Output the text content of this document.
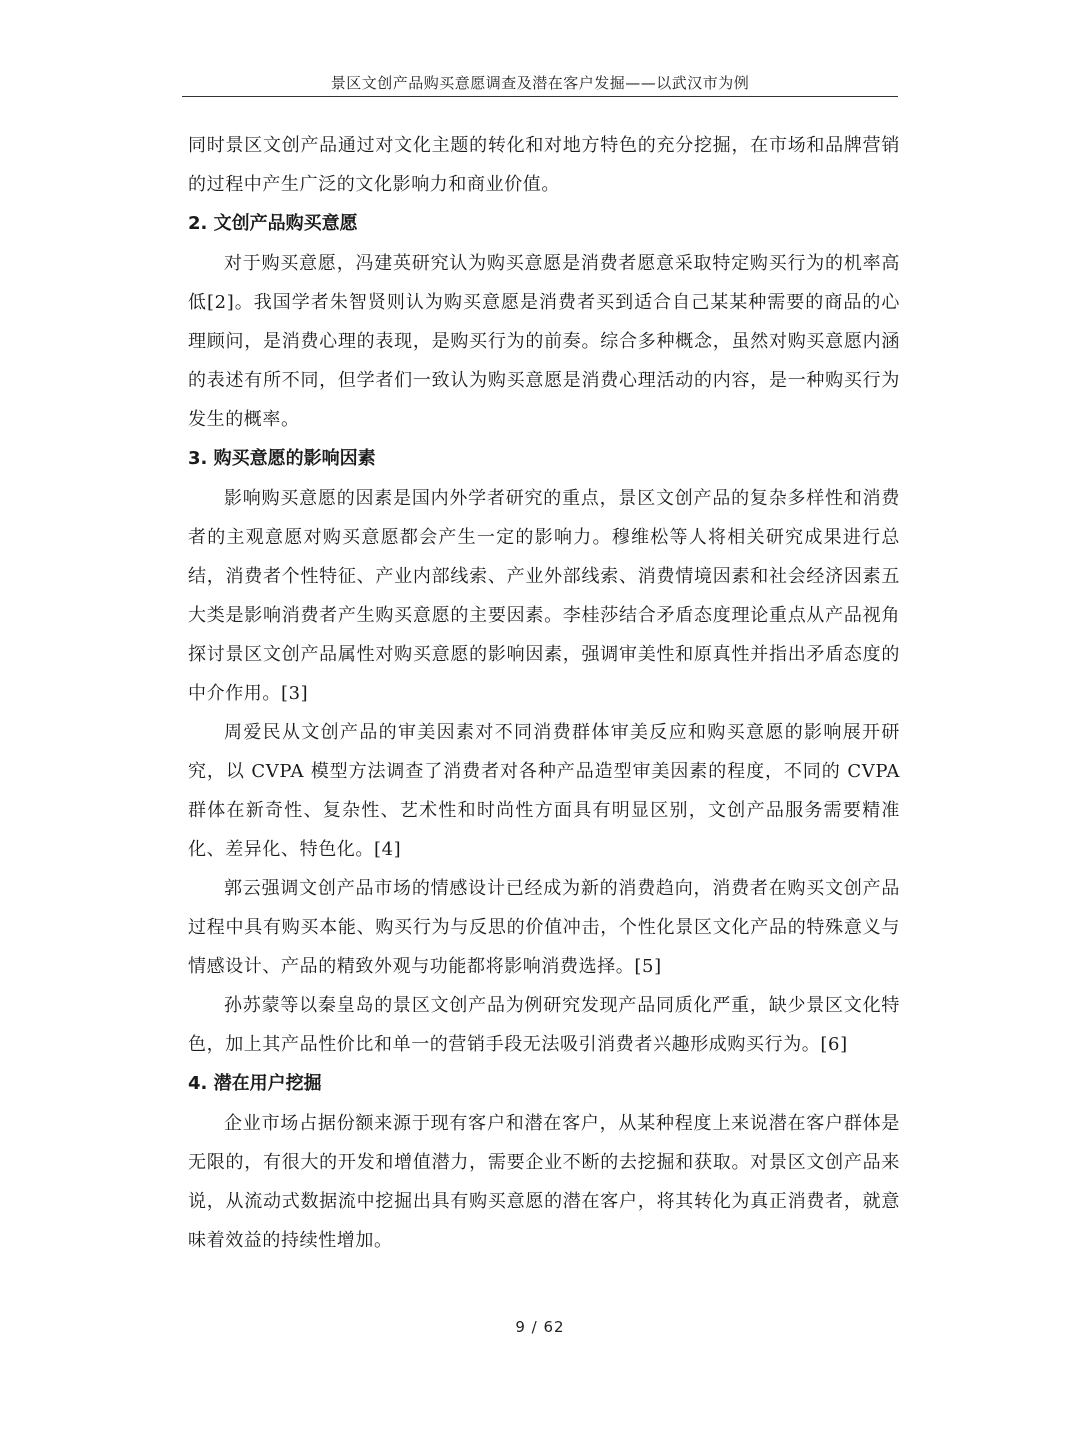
景区文创产品购买意愿调查及潜在客户发掘——以武汉市为例

同时景区文创产品通过对文化主题的转化和对地方特色的充分挖掘，在市场和品牌营销的过程中产生广泛的文化影响力和商业价值。

2. 文创产品购买意愿

对于购买意愿，冯建英研究认为购买意愿是消费者愿意采取特定购买行为的机率高低[2]。我国学者朱智贤则认为购买意愿是消费者买到适合自己某某种需要的商品的心理顾问，是消费心理的表现，是购买行为的前奏。综合多种概念，虽然对购买意愿内涵的表述有所不同，但学者们一致认为购买意愿是消费心理活动的内容，是一种购买行为发生的概率。

3. 购买意愿的影响因素

影响购买意愿的因素是国内外学者研究的重点，景区文创产品的复杂多样性和消费者的主观意愿对购买意愿都会产生一定的影响力。穆维松等人将相关研究成果进行总结，消费者个性特征、产业内部线索、产业外部线索、消费情境因素和社会经济因素五大类是影响消费者产生购买意愿的主要因素。李桂莎结合矛盾态度理论重点从产品视角探讨景区文创产品属性对购买意愿的影响因素，强调审美性和原真性并指出矛盾态度的中介作用。[3]

周爱民从文创产品的审美因素对不同消费群体审美反应和购买意愿的影响展开研究，以 CVPA 模型方法调查了消费者对各种产品造型审美因素的程度，不同的 CVPA 群体在新奇性、复杂性、艺术性和时尚性方面具有明显区别，文创产品服务需要精准化、差异化、特色化。[4]

郭云强调文创产品市场的情感设计已经成为新的消费趋向，消费者在购买文创产品过程中具有购买本能、购买行为与反思的价值冲击，个性化景区文化产品的特殊意义与情感设计、产品的精致外观与功能都将影响消费选择。[5]

孙苏蒙等以秦皇岛的景区文创产品为例研究发现产品同质化严重，缺少景区文化特色，加上其产品性价比和单一的营销手段无法吸引消费者兴趣形成购买行为。[6]

4. 潜在用户挖掘

企业市场占据份额来源于现有客户和潜在客户，从某种程度上来说潜在客户群体是无限的，有很大的开发和增值潜力，需要企业不断的去挖掘和获取。对景区文创产品来说，从流动式数据流中挖掘出具有购买意愿的潜在客户，将其转化为真正消费者，就意味着效益的持续性增加。

9 / 62
